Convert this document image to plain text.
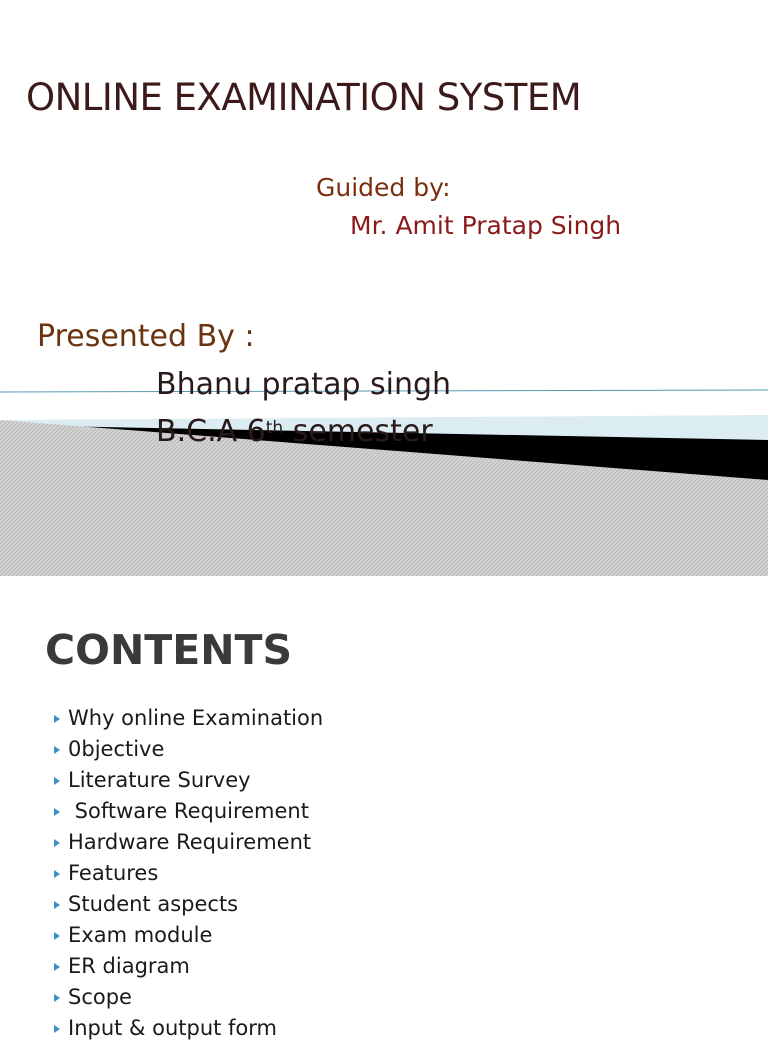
ONLINE EXAMINATION SYSTEM
Guided by:
Mr. Amit Pratap Singh
Presented By :
Bhanu pratap singh
B.C.A 6th semester
CONTENTS
Why online Examination
0bjective
Literature Survey
Software Requirement
Hardware Requirement
Features
Student aspects
Exam module
ER diagram
Scope
Input & output form
